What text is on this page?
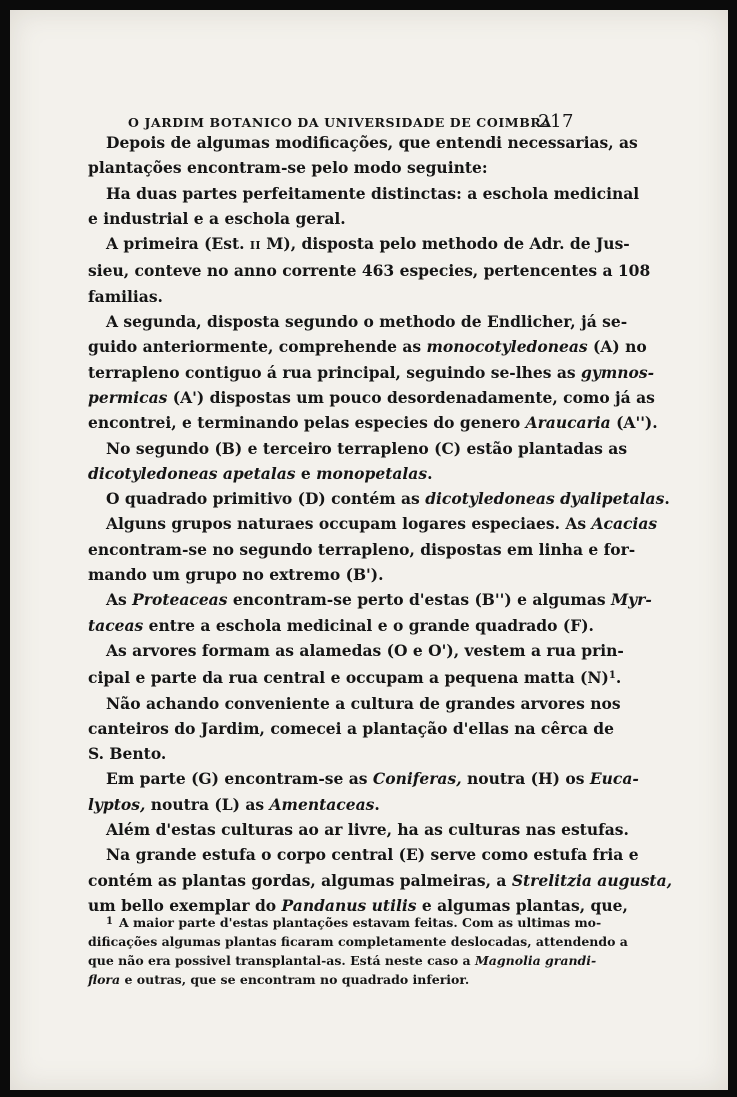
O JARDIM BOTANICO DA UNIVERSIDADE DE COIMBRA
217

Depois de algumas modificações, que entendi necessarias, as
plantações encontram-se pelo modo seguinte:

Ha duas partes perfeitamente distinctas: a eschola medicinal
e industrial e a eschola geral.

A primeira (Est. II M), disposta pelo methodo de Adr. de Jus-
sieu, conteve no anno corrente 463 especies, pertencentes a 108
familias.

A segunda, disposta segundo o methodo de Endlicher, já se-
guido anteriormente, comprehende as monocotyledoneas (A) no
terrapleno contiguo á rua principal, seguindo se-lhes as gymnos-
permicas (A') dispostas um pouco desordenadamente, como já as
encontrei, e terminando pelas especies do genero Araucaria (A'').

No segundo (B) e terceiro terrapleno (C) estão plantadas as
dicotyledoneas apetalas e monopetalas.

O quadrado primitivo (D) contém as dicotyledoneas dyalipetalas.

Alguns grupos naturaes occupam logares especiaes. As Acacias
encontram-se no segundo terrapleno, dispostas em linha e for-
mando um grupo no extremo (B').

As Proteaceas encontram-se perto d'estas (B'') e algumas Myr-
taceas entre a eschola medicinal e o grande quadrado (F).

As arvores formam as alamedas (O e O'), vestem a rua prin-
cipal e parte da rua central e occupam a pequena matta $(N)^1$.

Não achando conveniente a cultura de grandes arvores nos
canteiros do Jardim, comecei a plantação d'ellas na cêrca de
S. Bento.

Em parte (G) encontram-se as Coniferas, noutra (H) os Euca-
lyptos, noutra (L) as Amentaceas.

Além d'estas culturas ao ar livre, ha as culturas nas estufas.

Na grande estufa o corpo central (E) serve como estufa fria e
contém as plantas gordas, algumas palmeiras, a Strelitzia augusta,
um bello exemplar do Pandanus utilis e algumas plantas, que,

$^1$ A maior parte d'estas plantações estavam feitas. Com as ultimas mo-
dificações algumas plantas ficaram completamente deslocadas, attendendo a
que não era possivel transplantal-as. Está neste caso a Magnolia grandi-
flora e outras, que se encontram no quadrado inferior.
